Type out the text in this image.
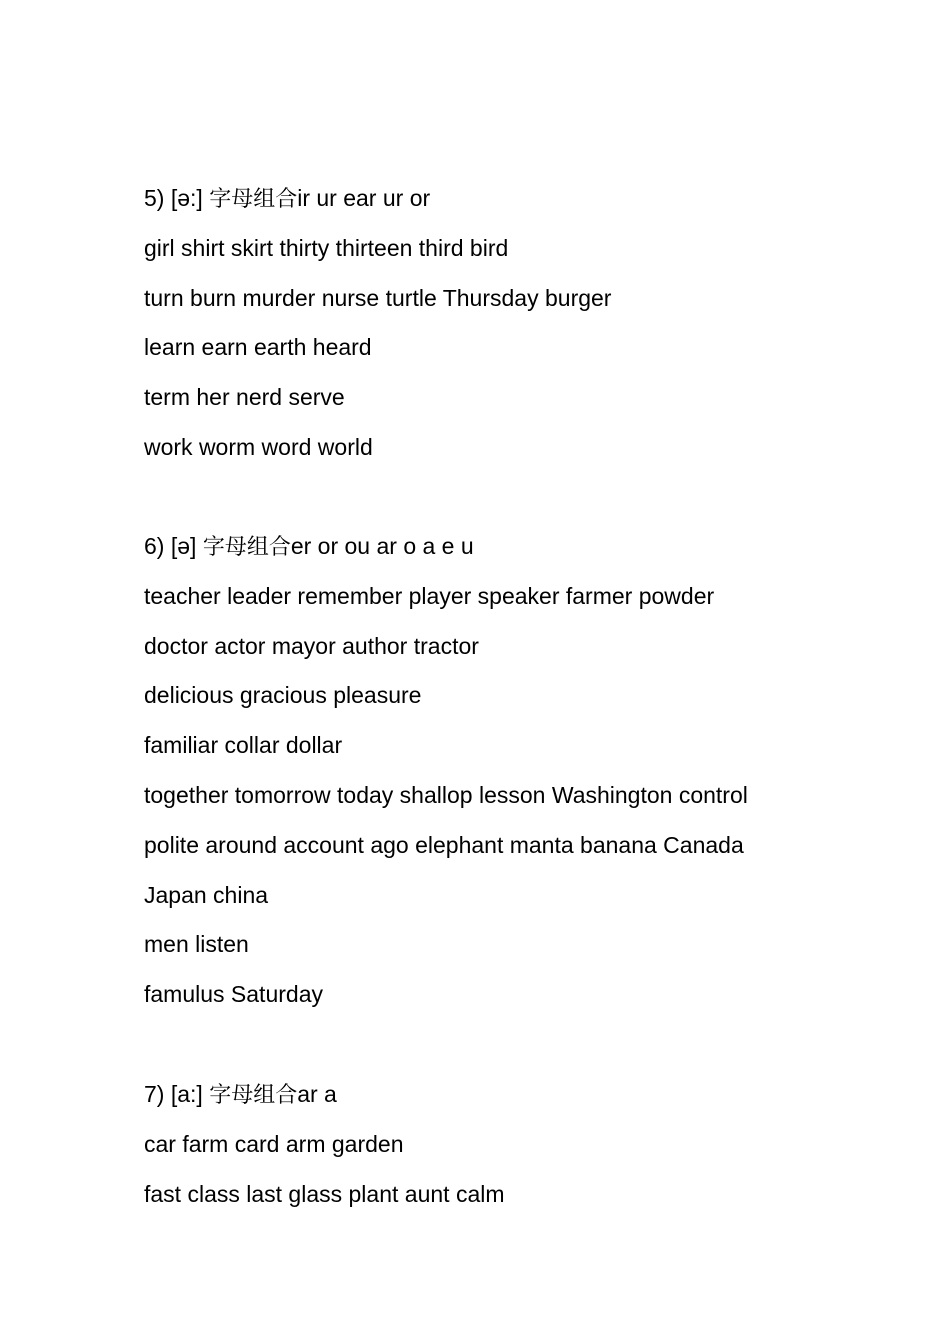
5) [ə:] 字母组合ir ur ear ur or
girl shirt skirt thirty thirteen third bird
turn burn murder nurse turtle Thursday burger
learn earn earth heard
term her nerd serve
work worm word world
6) [ə] 字母组合er or ou ar o a e u
teacher leader remember player speaker farmer powder
doctor actor mayor author tractor
delicious gracious pleasure
familiar collar dollar
together tomorrow today shallop lesson Washington control
polite around account ago elephant manta banana Canada
Japan china
men listen
famulus Saturday
7) [a:] 字母组合ar a
car farm card arm garden
fast class last glass plant aunt calm
